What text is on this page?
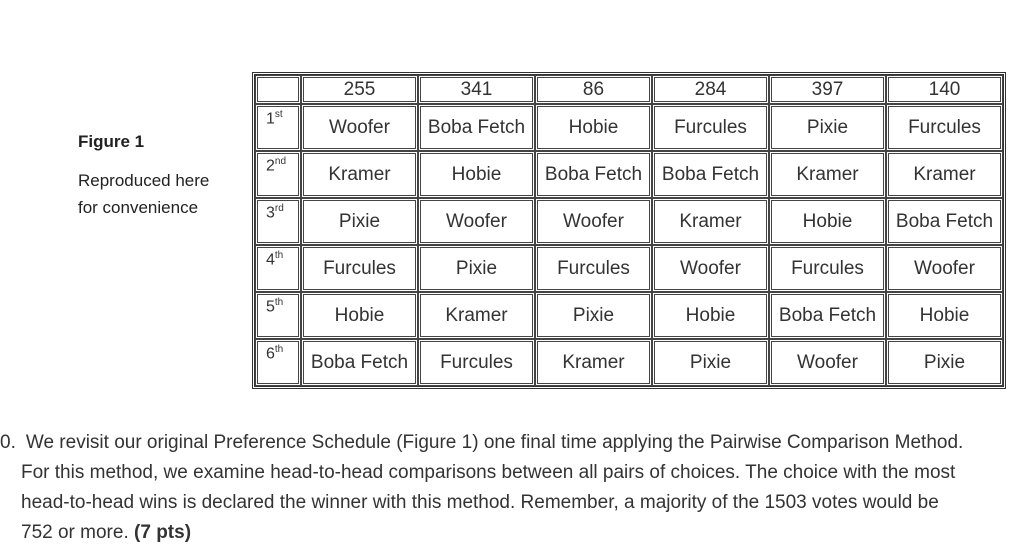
Figure 1
Reproduced here
for convenience
	255	341	86	284	397	140
1st	Woofer	Boba Fetch	Hobie	Furcules	Pixie	Furcules
2nd	Kramer	Hobie	Boba Fetch	Boba Fetch	Kramer	Kramer
3rd	Pixie	Woofer	Woofer	Kramer	Hobie	Boba Fetch
4th	Furcules	Pixie	Furcules	Woofer	Furcules	Woofer
5th	Hobie	Kramer	Pixie	Hobie	Boba Fetch	Hobie
6th	Boba Fetch	Furcules	Kramer	Pixie	Woofer	Pixie
0. We revisit our original Preference Schedule (Figure 1) one final time applying the Pairwise Comparison Method.
For this method, we examine head-to-head comparisons between all pairs of choices. The choice with the most
head-to-head wins is declared the winner with this method. Remember, a majority of the 1503 votes would be
752 or more. (7 pts)
